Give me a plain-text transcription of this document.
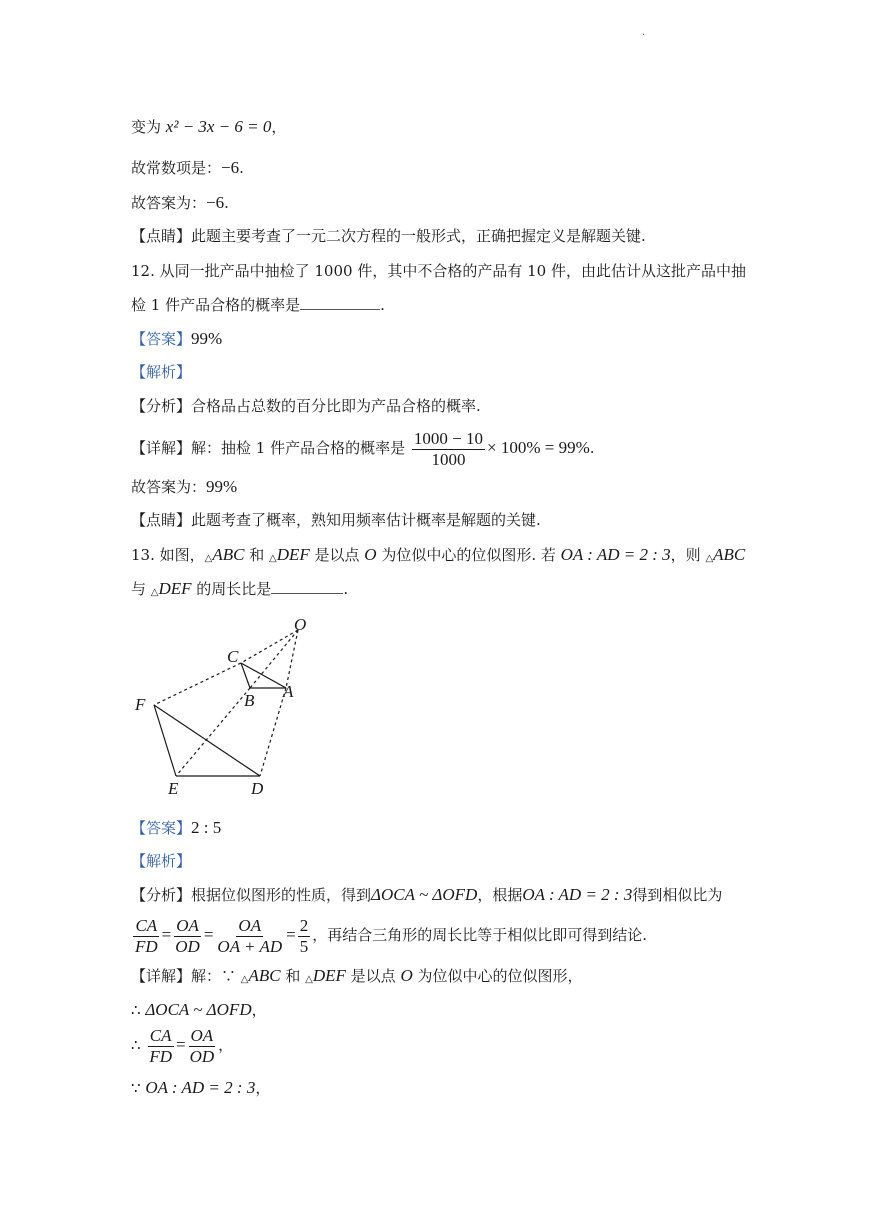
·
变为 x² − 3x − 6 = 0，
故常数项是：−6.
故答案为：−6.
【点睛】此题主要考查了一元二次方程的一般形式，正确把握定义是解题关键.
12. 从同一批产品中抽检了 1000 件，其中不合格的产品有 10 件，由此估计从这批产品中抽
检 1 件产品合格的概率是	.
【答案】99%
【解析】
【分析】合格品占总数的百分比即为产品合格的概率.
【详解】解：抽检 1 件产品合格的概率是 $\frac{1000 - 10}{1000} \times 100\% = 99\%$.
故答案为：99%
【点睛】此题考查了概率，熟知用频率估计概率是解题的关键.
13. 如图，△ABC 和 △DEF 是以点 O 为位似中心的位似图形. 若 OA : AD = 2 : 3，则 △ABC
与 △DEF 的周长比是	.
O
C
B A
F
E	D
【答案】2 : 5
【解析】
【分析】根据位似图形的性质，得到ΔOCA ~ ΔOFD，根据OA : AD = 2 : 3得到相似比为
$\frac{CA}{FD} = \frac{OA}{OD} = \frac{OA}{OA + AD} = \frac{2}{5}$ ，再结合三角形的周长比等于相似比即可得到结论.
【详解】解：∵ △ABC 和 △DEF 是以点 O 为位似中心的位似图形，
∴ ΔOCA ~ ΔOFD，
∴ $\frac{CA}{FD} = \frac{OA}{OD}$ ，
∵ OA : AD = 2 : 3，
